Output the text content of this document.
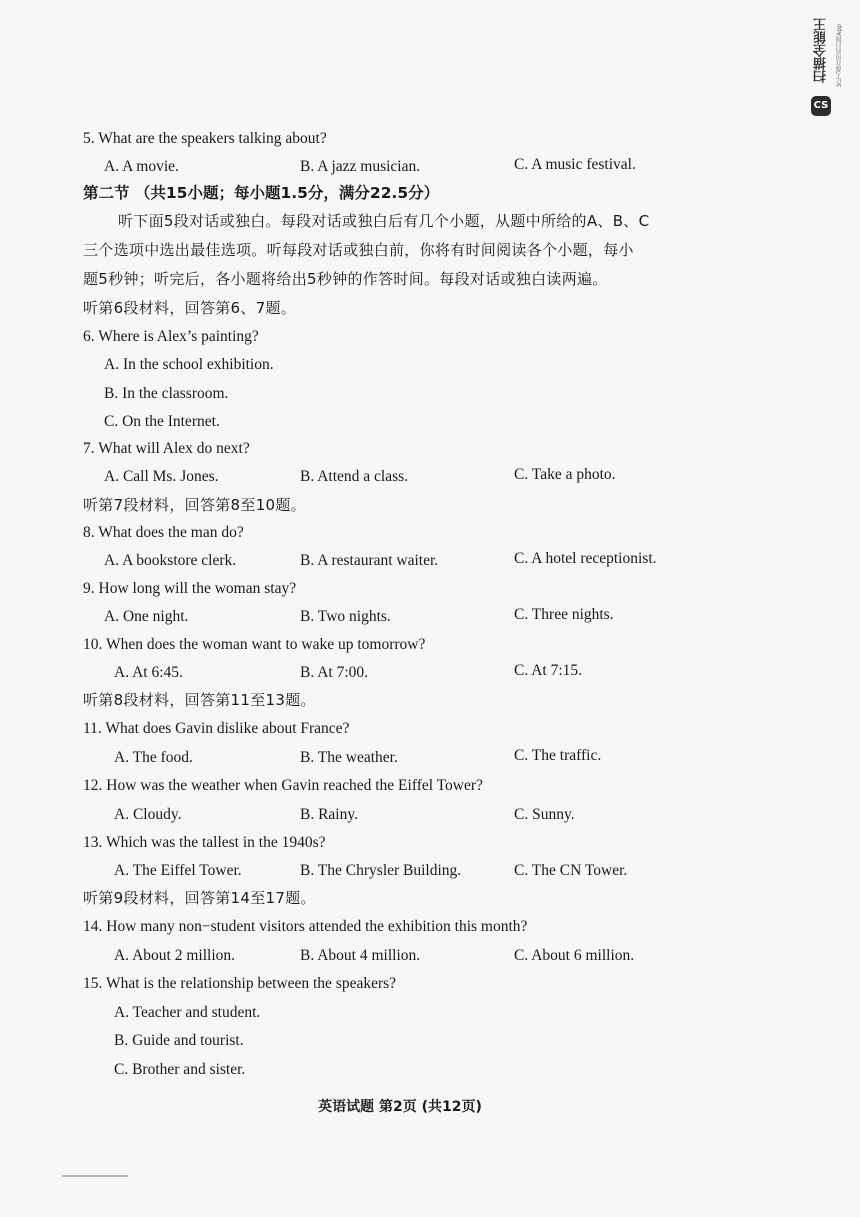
扫描全能王 3亿人都在用的扫描App
CS
5. What are the speakers talking about?
A. A movie.	B. A jazz musician.	C. A music festival.
第二节 （共15小题；每小题1.5分，满分22.5分）
听下面5段对话或独白。每段对话或独白后有几个小题，从题中所给的A、B、C
三个选项中选出最佳选项。听每段对话或独白前，你将有时间阅读各个小题，每小
题5秒钟；听完后，各小题将给出5秒钟的作答时间。每段对话或独白读两遍。
听第6段材料，回答第6、7题。
6. Where is Alex’s painting?
A. In the school exhibition.
B. In the classroom.
C. On the Internet.
7. What will Alex do next?
A. Call Ms. Jones.	B. Attend a class.	C. Take a photo.
听第7段材料，回答第8至10题。
8. What does the man do?
A. A bookstore clerk.	B. A restaurant waiter.	C. A hotel receptionist.
9. How long will the woman stay?
A. One night.	B. Two nights.	C. Three nights.
10. When does the woman want to wake up tomorrow?
A. At 6:45.	B. At 7:00.	C. At 7:15.
听第8段材料，回答第11至13题。
11. What does Gavin dislike about France?
A. The food.	B. The weather.	C. The traffic.
12. How was the weather when Gavin reached the Eiffel Tower?
A. Cloudy.	B. Rainy.	C. Sunny.
13. Which was the tallest in the 1940s?
A. The Eiffel Tower.	B. The Chrysler Building.	C. The CN Tower.
听第9段材料，回答第14至17题。
14. How many non−student visitors attended the exhibition this month?
A. About 2 million.	B. About 4 million.	C. About 6 million.
15. What is the relationship between the speakers?
A. Teacher and student.
B. Guide and tourist.
C. Brother and sister.
英语试题 第2页 (共12页)
